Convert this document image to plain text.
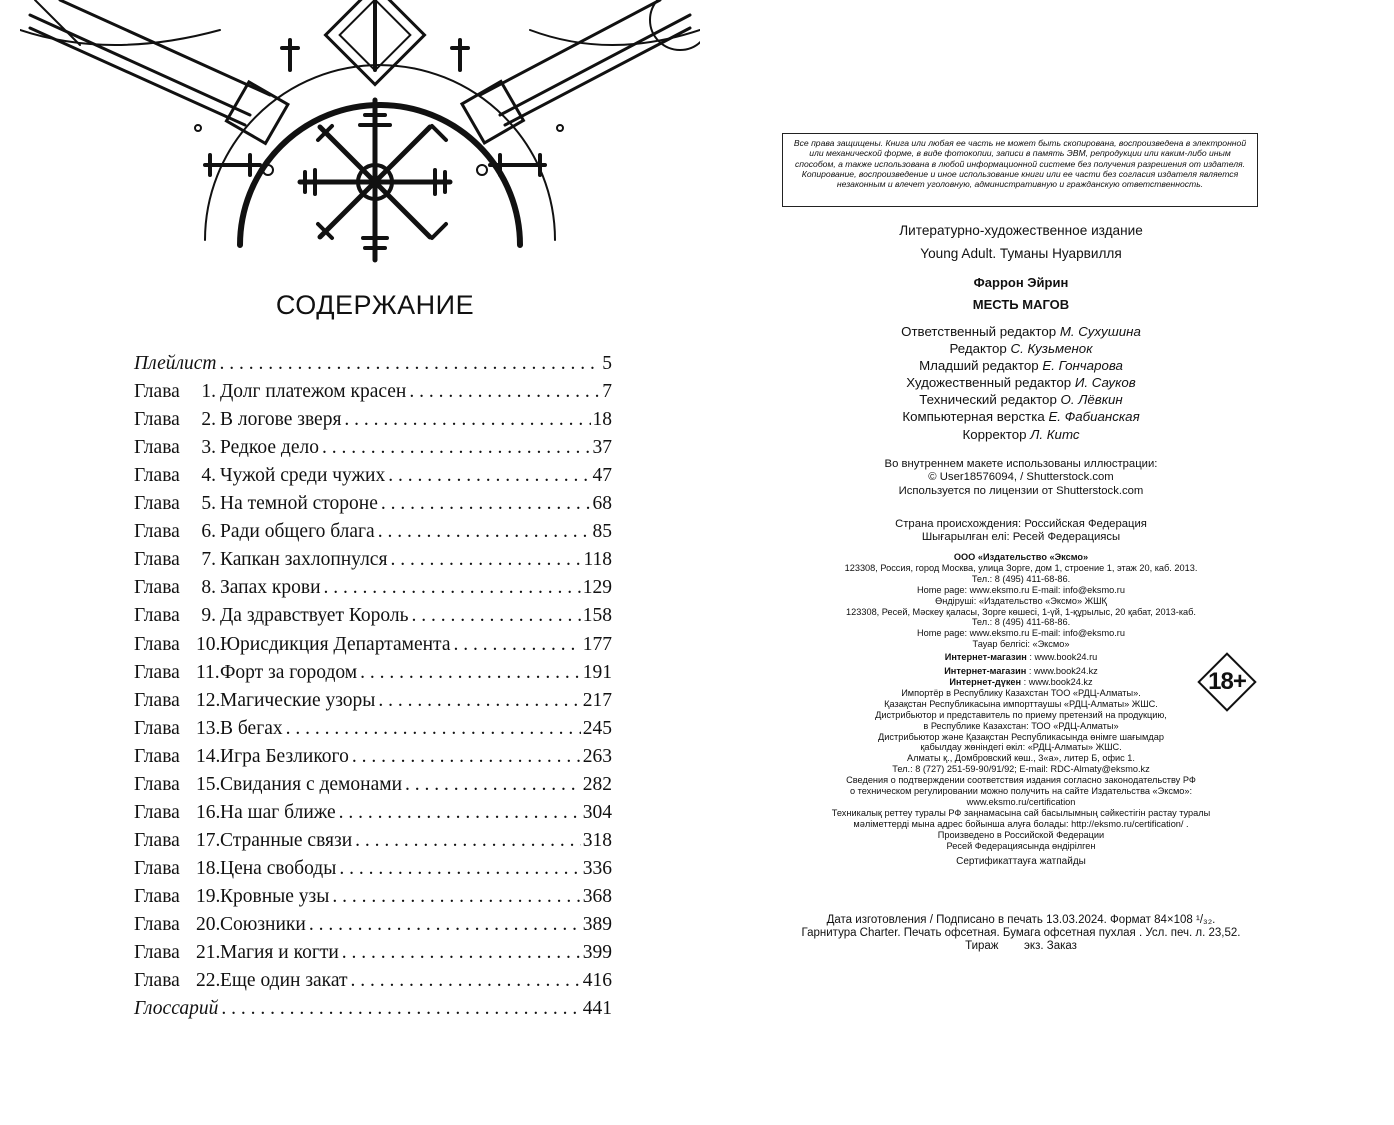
СОДЕРЖАНИЕ
Плейлист . . .	5
Глава	1. Долг платежом красен . . .	7
Глава	2. В логове зверя . . .	18
Глава	3. Редкое дело . . .	37
Глава	4. Чужой среди чужих . . .	47
Глава	5. На темной стороне . . .	68
Глава	6. Ради общего блага . . .	85
Глава	7. Капкан захлопнулся . . .	118
Глава	8. Запах крови . . .	129
Глава	9. Да здравствует Король . . .	158
Глава 10. Юрисдикция Департамента . . .	177
Глава 11. Форт за городом . . .	191
Глава 12. Магические узоры . . .	217
Глава 13. В бегах . . .	245
Глава 14. Игра Безликого . . .	263
Глава 15. Свидания с демонами . . .	282
Глава 16. На шаг ближе . . .	304
Глава 17. Странные связи . . .	318
Глава 18. Цена свободы . . .	336
Глава 19. Кровные узы . . .	368
Глава 20. Союзники . . .	389
Глава 21. Магия и когти . . .	399
Глава 22. Еще один закат . . .	416
Глоссарий . . .	441
Все права защищены. Книга или любая ее часть не может быть скопирована, воспроизведена в электронной или механической форме, в виде фотокопии, записи в память ЭВМ, репродукции или каким-либо иным способом, а также использована в любой информационной системе без получения разрешения от издателя. Копирование, воспроизведение и иное использование книги или ее части без согласия издателя является незаконным и влечет уголовную, административную и гражданскую ответственность.
Литературно-художественное издание
Young Adult. Туманы Нуарвилля
Фаррон Эйрин
МЕСТЬ МАГОВ
Ответственный редактор М. Сухушина
Редактор С. Кузьменок
Младший редактор Е. Гончарова
Художественный редактор И. Сауков
Технический редактор О. Лёвкин
Компьютерная верстка Е. Фабианская
Корректор Л. Китс
Во внутреннем макете использованы иллюстрации:
© User18576094, / Shutterstock.com
Используется по лицензии от Shutterstock.com
Страна происхождения: Российская Федерация
Шығарылған елі: Ресей Федерациясы
ООО «Издательство «Эксмо»
123308, Россия, город Москва, улица Зорге, дом 1, строение 1, этаж 20, каб. 2013.
Тел.: 8 (495) 411-68-86.
Home page: www.eksmo.ru E-mail: info@eksmo.ru
Өндіруші: «Издательство «Эксмо» ЖШҚ
123308, Ресей, Мәскеу қаласы, Зорге көшесі, 1-үй, 1-құрылыс, 20 қабат, 2013-каб.
Тел.: 8 (495) 411-68-86.
Home page: www.eksmo.ru E-mail: info@eksmo.ru
Тауар белгісі: «Эксмо»
Интернет-магазин : www.book24.ru
Интернет-магазин : www.book24.kz
Интернет-дүкен : www.book24.kz
Импортёр в Республику Казахстан ТОО «РДЦ-Алматы».
Қазақстан Республикасына импорттаушы «РДЦ-Алматы» ЖШС.
Дистрибьютор и представитель по приему претензий на продукцию,
в Республике Казахстан: ТОО «РДЦ-Алматы»
Дистрибьютор және Қазақстан Республикасында өнімге шағымдар
қабылдау жөніндегі өкіл: «РДЦ-Алматы» ЖШС.
Алматы қ., Домбровский көш., 3«а», литер Б, офис 1.
Тел.: 8 (727) 251-59-90/91/92; E-mail: RDC-Almaty@eksmo.kz
Сведения о подтверждении соответствия издания согласно законодательству РФ
о техническом регулировании можно получить на сайте Издательства «Эксмо»:
www.eksmo.ru/certification
Техникалық реттеу туралы РФ заңнамасына сай басылымның сәйкестігін растау туралы
мәліметтерді мына адрес бойынша алуға болады: http://eksmo.ru/certification/ .
Произведено в Российской Федерации
Ресей Федерациясында өндірілген
Сертификаттауға жатпайды
18+
Дата изготовления / Подписано в печать 13.03.2024. Формат 84×108 ¹/₃₂.
Гарнитура Charter. Печать офсетная. Бумага офсетная пухлая . Усл. печ. л. 23,52.
Тираж        экз. Заказ
